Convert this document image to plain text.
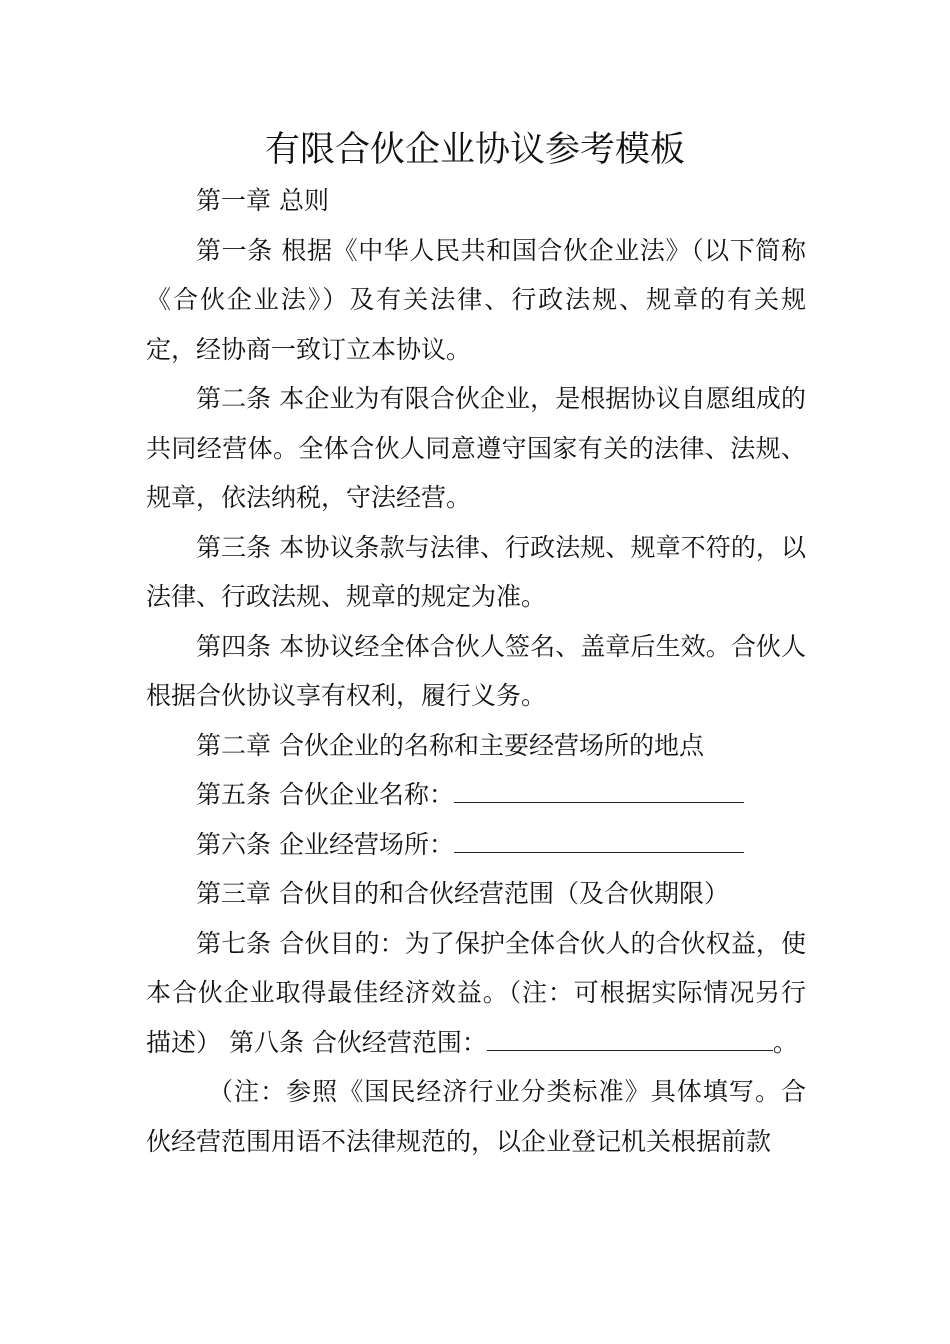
有限合伙企业协议参考模板

第一章 总则

第一条 根据《中华人民共和国合伙企业法》（以下简称《合伙企业法》）及有关法律、行政法规、规章的有关规定，经协商一致订立本协议。

第二条 本企业为有限合伙企业，是根据协议自愿组成的共同经营体。全体合伙人同意遵守国家有关的法律、法规、规章，依法纳税，守法经营。

第三条 本协议条款与法律、行政法规、规章不符的，以法律、行政法规、规章的规定为准。

第四条 本协议经全体合伙人签名、盖章后生效。合伙人根据合伙协议享有权利，履行义务。

第二章 合伙企业的名称和主要经营场所的地点

第五条 合伙企业名称：

第六条 企业经营场所：

第三章 合伙目的和合伙经营范围（及合伙期限）

第七条 合伙目的：为了保护全体合伙人的合伙权益，使本合伙企业取得最佳经济效益。（注：可根据实际情况另行描述） 第八条 合伙经营范围：	。

（注：参照《国民经济行业分类标准》具体填写。合伙经营范围用语不法律规范的，以企业登记机关根据前款
